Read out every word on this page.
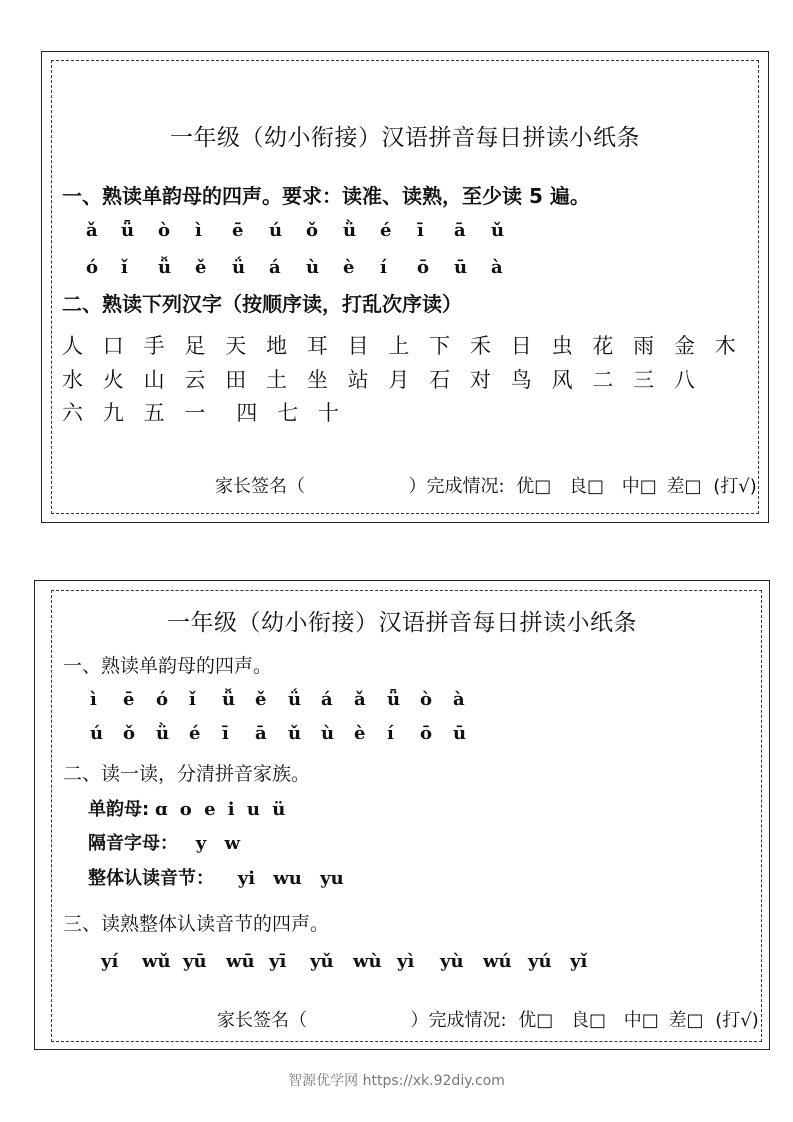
一年级（幼小衔接）汉语拼音每日拼读小纸条
一、熟读单韵母的四声。要求：读准、读熟，至少读 5 遍。
ǎ	ǖ	ò	ì	ē	ú	ǒ	ǜ	é	ī	ā	ǔ
ó	ǐ	ǚ	ě	ǘ	á	ù	è	í	ō	ū	à
二、熟读下列汉字（按顺序读，打乱次序读）
人 口 手 足 天 地 耳 目 上 下 禾 日 虫 花 雨 金 木
水 火 山 云 田 土 坐 站 月 石 对 鸟 风 二 三 八
六 九 五 一	四 七 十
家长签名（	）完成情况: 优□ 良□ 中□ 差□ (打√)
一年级（幼小衔接）汉语拼音每日拼读小纸条
一、熟读单韵母的四声。
ì	ē	ó	ǐ	ǚ	ě	ǘ	á	ǎ	ǖ	ò	à
ú	ǒ	ǜ	é	ī	ā	ǔ	ù	è	í	ō	ū
二、读一读，分清拼音家族。
单韵母: ɑ o e i u ü
隔音字母： y w
整体认读音节： yi wu yu
三、读熟整体认读音节的四声。
yí	wǔ yū	wū yī	yǔ	wù yì	yù	wú yú	yǐ
家长签名（	）完成情况: 优□ 良□ 中□ 差□ (打√)
智源优学网 https://xk.92diy.com
